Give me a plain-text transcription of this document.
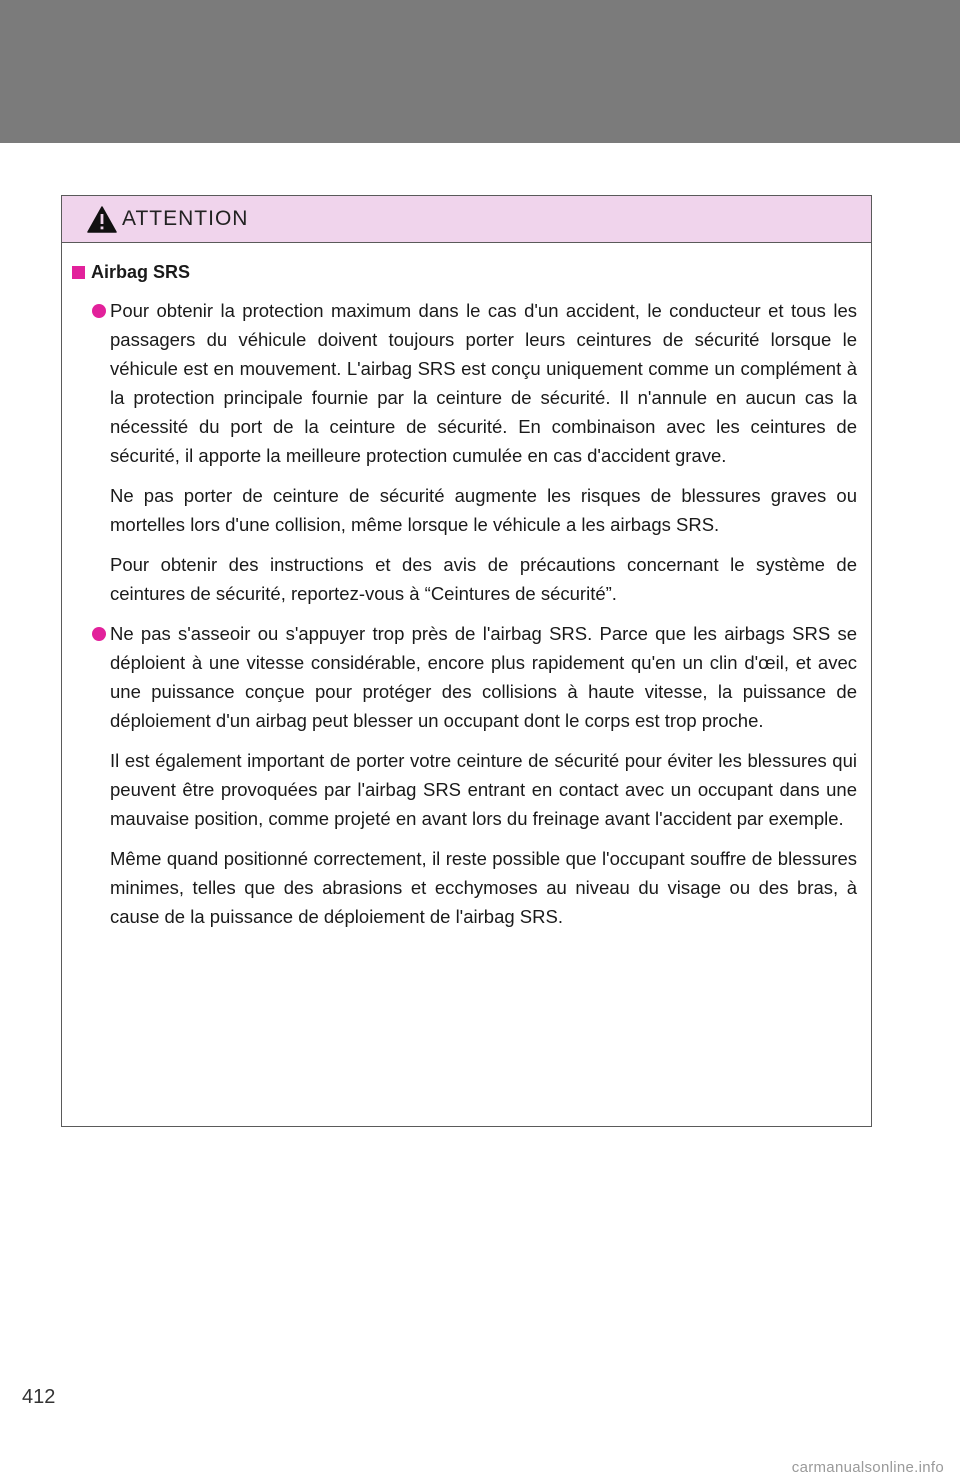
ATTENTION
Airbag SRS

Pour obtenir la protection maximum dans le cas d'un accident, le conducteur et tous les passagers du véhicule doivent toujours porter leurs ceintures de sécurité lorsque le véhicule est en mouvement. L'airbag SRS est conçu uniquement comme un complément à la protection principale fournie par la ceinture de sécurité. Il n'annule en aucun cas la nécessité du port de la ceinture de sécurité. En combinaison avec les ceintures de sécurité, il apporte la meilleure protection cumulée en cas d'accident grave.

Ne pas porter de ceinture de sécurité augmente les risques de blessures graves ou mortelles lors d'une collision, même lorsque le véhicule a les airbags SRS.

Pour obtenir des instructions et des avis de précautions concernant le système de ceintures de sécurité, reportez-vous à “Ceintures de sécurité”.

Ne pas s'asseoir ou s'appuyer trop près de l'airbag SRS. Parce que les airbags SRS se déploient à une vitesse considérable, encore plus rapidement qu'en un clin d'œil, et avec une puissance conçue pour protéger des collisions à haute vitesse, la puissance de déploiement d'un airbag peut blesser un occupant dont le corps est trop proche.

Il est également important de porter votre ceinture de sécurité pour éviter les blessures qui peuvent être provoquées par l'airbag SRS entrant en contact avec un occupant dans une mauvaise position, comme projeté en avant lors du freinage avant l'accident par exemple.

Même quand positionné correctement, il reste possible que l'occupant souffre de blessures minimes, telles que des abrasions et ecchymoses au niveau du visage ou des bras, à cause de la puissance de déploiement de l'airbag SRS.

412
carmanualsonline.info
